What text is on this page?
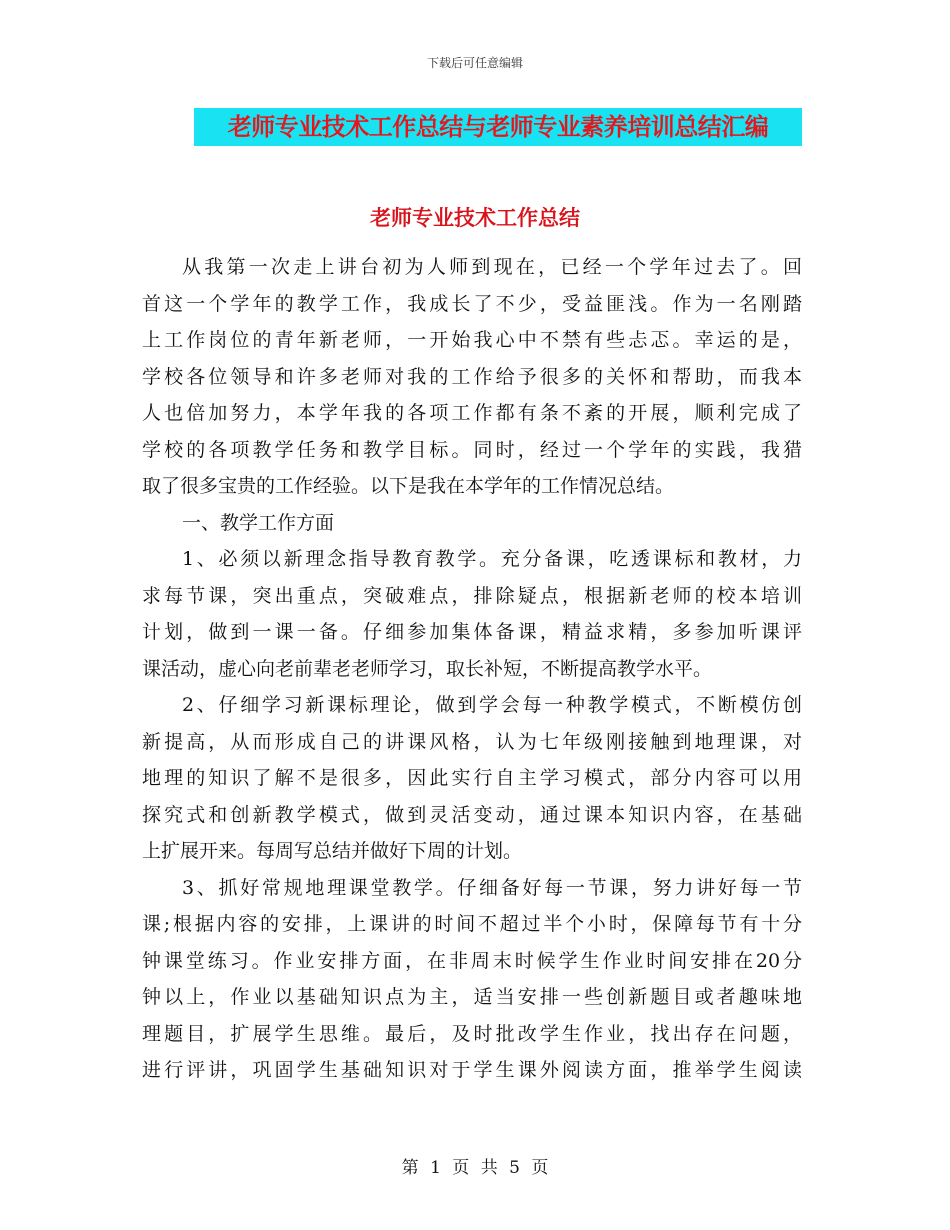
下载后可任意编辑
老师专业技术工作总结与老师专业素养培训总结汇编
老师专业技术工作总结
从我第一次走上讲台初为人师到现在，已经一个学年过去了。回
首这一个学年的教学工作，我成长了不少，受益匪浅。作为一名刚踏
上工作岗位的青年新老师，一开始我心中不禁有些忐忑。幸运的是，
学校各位领导和许多老师对我的工作给予很多的关怀和帮助，而我本
人也倍加努力，本学年我的各项工作都有条不紊的开展，顺利完成了
学校的各项教学任务和教学目标。同时，经过一个学年的实践，我猎
取了很多宝贵的工作经验。以下是我在本学年的工作情况总结。
一、教学工作方面
1、必须以新理念指导教育教学。充分备课，吃透课标和教材，力
求每节课，突出重点，突破难点，排除疑点，根据新老师的校本培训
计划，做到一课一备。仔细参加集体备课，精益求精，多参加听课评
课活动，虚心向老前辈老老师学习，取长补短，不断提高教学水平。
2、仔细学习新课标理论，做到学会每一种教学模式，不断模仿创
新提高，从而形成自己的讲课风格，认为七年级刚接触到地理课，对
地理的知识了解不是很多，因此实行自主学习模式，部分内容可以用
探究式和创新教学模式，做到灵活变动，通过课本知识内容，在基础
上扩展开来。每周写总结并做好下周的计划。
3、抓好常规地理课堂教学。仔细备好每一节课，努力讲好每一节
课;根据内容的安排，上课讲的时间不超过半个小时，保障每节有十分
钟课堂练习。作业安排方面，在非周末时候学生作业时间安排在20分
钟以上，作业以基础知识点为主，适当安排一些创新题目或者趣味地
理题目，扩展学生思维。最后，及时批改学生作业，找出存在问题，
进行评讲，巩固学生基础知识对于学生课外阅读方面，推举学生阅读
第 1 页 共 5 页
